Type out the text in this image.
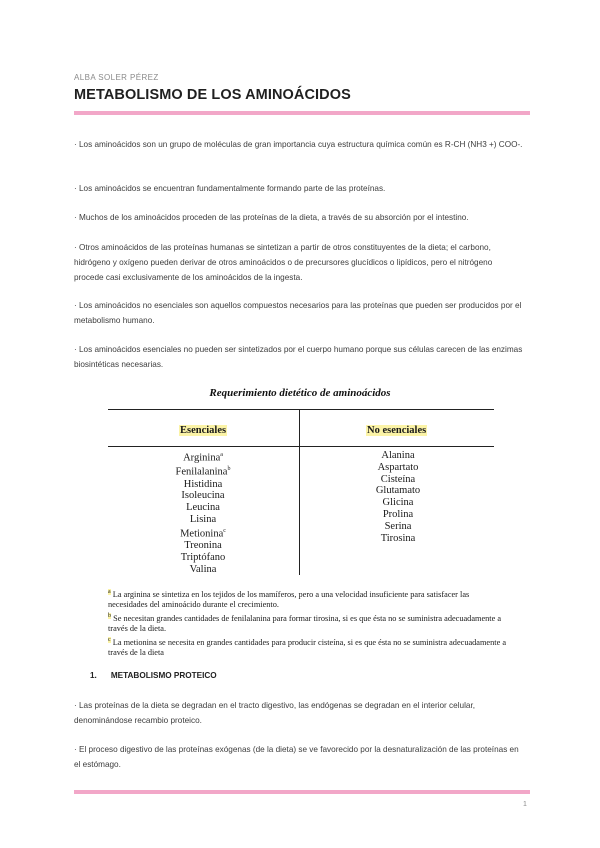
ALBA SOLER PÉREZ
METABOLISMO DE LOS AMINOÁCIDOS

· Los aminoácidos son un grupo de moléculas de gran importancia cuya estructura química común es R-CH (NH3 +) COO-.

· Los aminoácidos se encuentran fundamentalmente formando parte de las proteínas.

· Muchos de los aminoácidos proceden de las proteínas de la dieta, a través de su absorción por el intestino.

· Otros aminoácidos de las proteínas humanas se sintetizan a partir de otros constituyentes de la dieta; el carbono, hidrógeno y oxígeno pueden derivar de otros aminoácidos o de precursores glucídicos o lipídicos, pero el nitrógeno procede casi exclusivamente de los aminoácidos de la ingesta.

· Los aminoácidos no esenciales son aquellos compuestos necesarios para las proteínas que pueden ser producidos por el metabolismo humano.

· Los aminoácidos esenciales no pueden ser sintetizados por el cuerpo humano porque sus células carecen de las enzimas biosintéticas necesarias.

Requerimiento dietético de aminoácidos
Esenciales	No esenciales
Arginina$^a$
Fenilalanina$^b$
Histidina
Isoleucina
Leucina
Lisina
Metionina$^c$
Treonina
Triptófano
Valina
Alanina
Aspartato
Cisteína
Glutamato
Glicina
Prolina
Serina
Tirosina

$^a$ La arginina se sintetiza en los tejidos de los mamíferos, pero a una velocidad insuficiente para satisfacer las necesidades del aminoácido durante el crecimiento.

$^b$ Se necesitan grandes cantidades de fenilalanina para formar tirosina, si es que ésta no se suministra adecuadamente a través de la dieta.

$^c$ La metionina se necesita en grandes cantidades para producir cisteína, si es que ésta no se suministra adecuadamente a través de la dieta

1. METABOLISMO PROTEICO

· Las proteínas de la dieta se degradan en el tracto digestivo, las endógenas se degradan en el interior celular, denominándose recambio proteico.

· El proceso digestivo de las proteínas exógenas (de la dieta) se ve favorecido por la desnaturalización de las proteínas en el estómago.

1
